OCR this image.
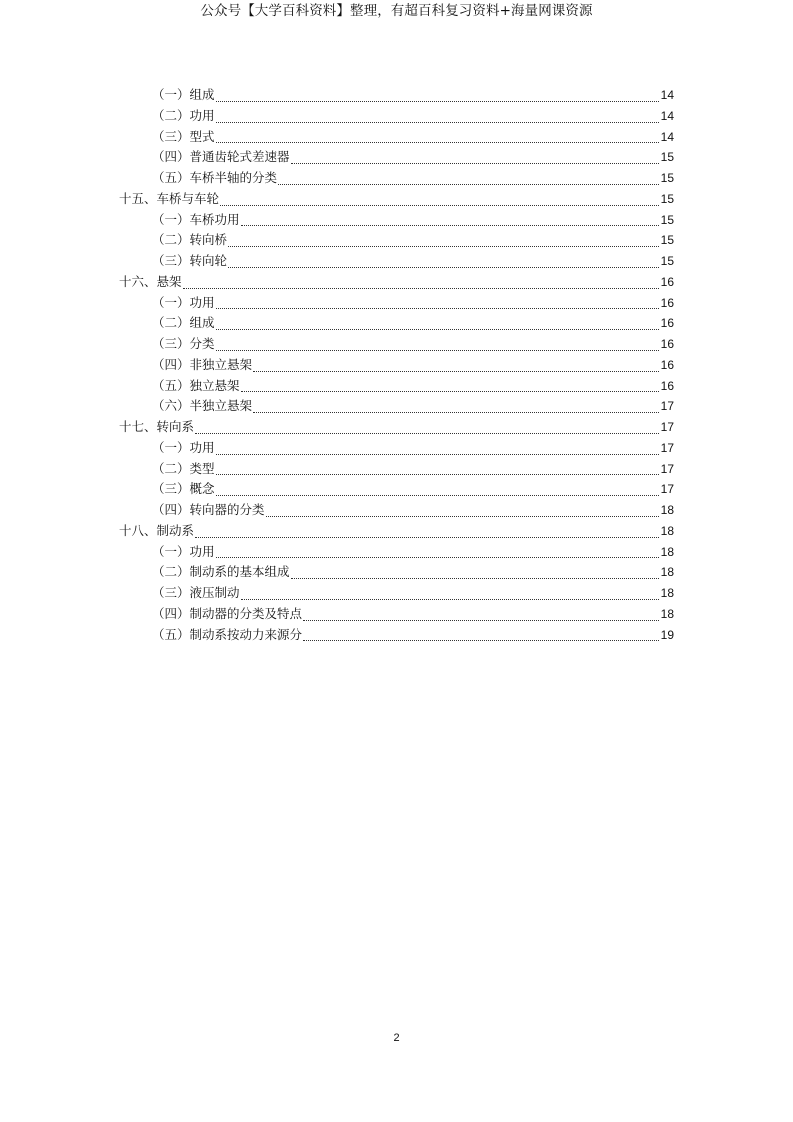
公众号【大学百科资料】整理，有超百科复习资料+海量网课资源
（一）组成	14
（二）功用	14
（三）型式	14
（四）普通齿轮式差速器	15
（五）车桥半轴的分类	15
十五、车桥与车轮	15
（一）车桥功用	15
（二）转向桥	15
（三）转向轮	15
十六、悬架	16
（一）功用	16
（二）组成	16
（三）分类	16
（四）非独立悬架	16
（五）独立悬架	16
（六）半独立悬架	17
十七、转向系	17
（一）功用	17
（二）类型	17
（三）概念	17
（四）转向器的分类	18
十八、制动系	18
（一）功用	18
（二）制动系的基本组成	18
（三）液压制动	18
（四）制动器的分类及特点	18
（五）制动系按动力来源分	19
2
